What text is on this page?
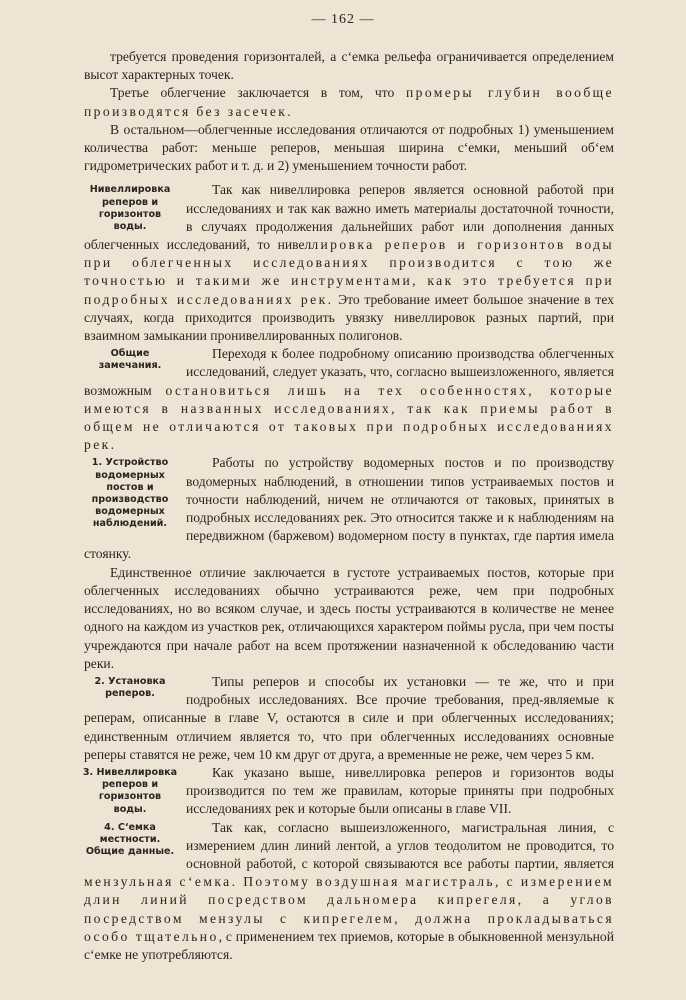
— 162 —

требуется проведения горизонталей, а с‘емка рельефа ограничивается определением высот характерных точек.

Третье облегчение заключается в том, что промеры глубин вообще производятся без засечек.

В остальном—облегченные исследования отличаются от подробных 1) уменьшением количества работ: меньше реперов, меньшая ширина с‘емки, меньший об‘ем гидрометрических работ и т. д. и 2) уменьшением точности работ.

Нивеллировка реперов и горизонтов воды.
Так как нивеллировка реперов является основной работой при исследованиях и так как важно иметь материалы достаточной точности, в случаях продолжения дальнейших работ или дополнения данных облегченных исследований, то нивеллировка реперов и горизонтов воды при облегченных исследованиях производится с тою же точностью и такими же инструментами, как это требуется при подробных исследованиях рек. Это требование имеет большое значение в тех случаях, когда приходится производить увязку нивеллировок разных партий, при взаимном замыкании пронивеллированных полигонов.

Общие замечания.
Переходя к более подробному описанию производства облегченных исследований, следует указать, что, согласно вышеизложенного, является возможным остановиться лишь на тех особенностях, которые имеются в названных исследованиях, так как приемы работ в общем не отличаются от таковых при подробных исследованиях рек.

1. Устройство водомерных постов и производство водомерных наблюдений.
Работы по устройству водомерных постов и по производству водомерных наблюдений, в отношении типов устраиваемых постов и точности наблюдений, ничем не отличаются от таковых, принятых в подробных исследованиях рек. Это относится также и к наблюдениям на передвижном (баржевом) водомерном посту в пунктах, где партия имела стоянку.

Единственное отличие заключается в густоте устраиваемых постов, которые при облегченных исследованиях обычно устраиваются реже, чем при подробных исследованиях, но во всяком случае, и здесь посты устраиваются в количестве не менее одного на каждом из участков рек, отличающихся характером поймы русла, при чем посты учреждаются при начале работ на всем протяжении назначенной к обследованию части реки.

2. Установка реперов.
Типы реперов и способы их установки — те же, что и при подробных исследованиях. Все прочие требования, пред‑являемые к реперам, описанные в главе V, остаются в силе и при облегченных исследованиях; единственным отличием является то, что при облегченных исследованиях основные реперы ставятся не реже, чем 10 км друг от друга, а временные не реже, чем через 5 км.

3. Нивеллировка реперов и горизонтов воды.
Как указано выше, нивеллировка реперов и горизонтов воды производится по тем же правилам, которые приняты при подробных исследованиях рек и которые были описаны в главе VII.

4. С‘емка местности. Общие данные.
Так как, согласно вышеизложенного, магистральная линия, с измерением длин линий лентой, а углов теодолитом не проводится, то основной работой, с которой связываются все работы партии, является мензульная с‘емка. Поэтому воздушная магистраль, с измерением длин линий посредством дальномера кипрегеля, а углов посредством мензулы с кипрегелем, должна прокладываться особо тщательно, с применением тех приемов, которые в обыкновенной мензульной с‘емке не употребляются.
